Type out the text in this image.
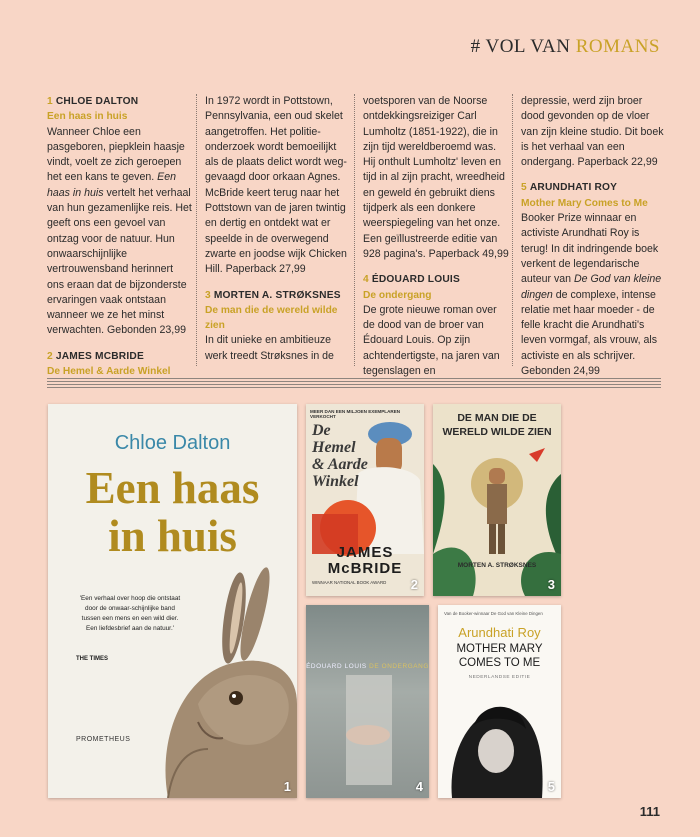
# VOL VAN ROMANS
1 CHLOE DALTON
Een haas in huis
Wanneer Chloe een pasgeboren, piepklein haasje vindt, voelt ze zich geroepen het een kans te geven. Een haas in huis vertelt het verhaal van hun gezamenlijke reis. Het geeft ons een gevoel van ontzag voor de natuur. Hun onwaarschijnlijke vertrouwensband herinnert ons eraan dat de bijzonderste ervaringen vaak ontstaan wanneer we ze het minst verwachten. Gebonden 23,99
2 JAMES MCBRIDE
De Hemel & Aarde Winkel
In 1972 wordt in Pottstown, Pennsylvania, een oud skelet aangetroffen. Het politie-onderzoek wordt bemoeilijkt als de plaats delict wordt weg-gevaagd door orkaan Agnes. McBride keert terug naar het Pottstown van de jaren twintig en dertig en ontdekt wat er speelde in de overwegend zwarte en joodse wijk Chicken Hill. Paperback 27,99
3 MORTEN A. STRØKSNES
De man die de wereld wilde zien
In dit unieke en ambitieuze werk treedt Strøksnes in de
voetsporen van de Noorse ontdekkingsreiziger Carl Lumholtz (1851-1922), die in zijn tijd wereldberoemd was. Hij onthult Lumholtz' leven en tijd in al zijn pracht, wreedheid en geweld én gebruikt diens tijdperk als een donkere weerspiegeling van het onze. Een geïllustreerde editie van 928 pagina's. Paperback 49,99
4 ÉDOUARD LOUIS
De ondergang
De grote nieuwe roman over de dood van de broer van Édouard Louis. Op zijn achtendertigste, na jaren van tegenslagen en
depressie, werd zijn broer dood gevonden op de vloer van zijn kleine studio. Dit boek is het verhaal van een ondergang. Paperback 22,99
5 ARUNDHATI ROY
Mother Mary Comes to Me
Booker Prize winnaar en activiste Arundhati Roy is terug! In dit indringende boek verkent de legendarische auteur van De God van kleine dingen de complexe, intense relatie met haar moeder - de felle kracht die Arundhati's leven vormgaf, als vrouw, als activiste en als schrijver. Gebonden 24,99
Chloe Dalton
Een haas
in huis
'Een verhaal over hoop die ontstaat door de onwaar-schijnlijke band tussen een mens en een wild dier. Een liefdesbrief aan de natuur.'
THE TIMES
PROMETHEUS
1
MEER DAN EEN MILJOEN EXEMPLAREN VERKOCHT
De
Hemel
& Aarde
Winkel
JAMES
McBRIDE
WINNAAR NATIONAL BOOK AWARD 2
DE MAN DIE DE
WERELD WILDE ZIEN
MORTEN A. STRØKSNES
3
ÉDOUARD LOUIS DE ONDERGANG
4
Van de Booker-winnaar De God van Kleine Dingen
Arundhati Roy
MOTHER MARY
COMES TO ME
NEDERLANDSE EDITIE
5
111
